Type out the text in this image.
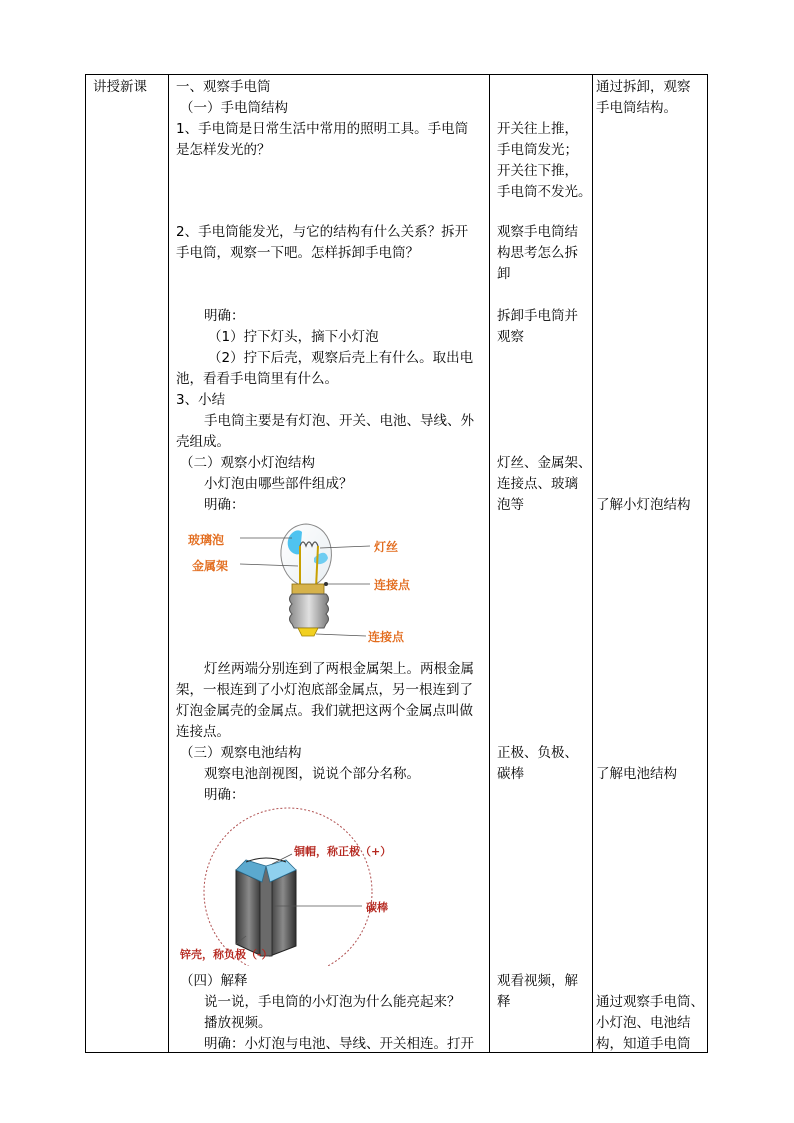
讲授新课 一、观察手电筒
（一）手电筒结构
1、手电筒是日常生活中常用的照明工具。手电筒
是怎样发光的？
2、手电筒能发光，与它的结构有什么关系？拆开
手电筒，观察一下吧。怎样拆卸手电筒？
明确：
（1）拧下灯头，摘下小灯泡
（2）拧下后壳，观察后壳上有什么。取出电
池，看看手电筒里有什么。
3、小结
手电筒主要是有灯泡、开关、电池、导线、外
壳组成。
（二）观察小灯泡结构
小灯泡由哪些部件组成？
明确：
玻璃泡
金属架
灯丝
连接点
连接点
灯丝两端分别连到了两根金属架上。两根金属
架，一根连到了小灯泡底部金属点，另一根连到了
灯泡金属壳的金属点。我们就把这两个金属点叫做
连接点。
（三）观察电池结构
观察电池剖视图，说说个部分名称。
明确：
铜帽，称正极（+）
碳棒
锌壳，称负极（-）
（四）解释
说一说，手电筒的小灯泡为什么能亮起来？
播放视频。
明确：小灯泡与电池、导线、开关相连。打开
开关往上推，
手电筒发光；
开关往下推，
手电筒不发光。
观察手电筒结
构思考怎么拆
卸
拆卸手电筒并
观察
灯丝、金属架、
连接点、玻璃
泡等
正极、负极、
碳棒
观看视频，解
释
通过拆卸，观察
手电筒结构。
了解小灯泡结构
了解电池结构
通过观察手电筒、
小灯泡、电池结
构，知道手电筒
